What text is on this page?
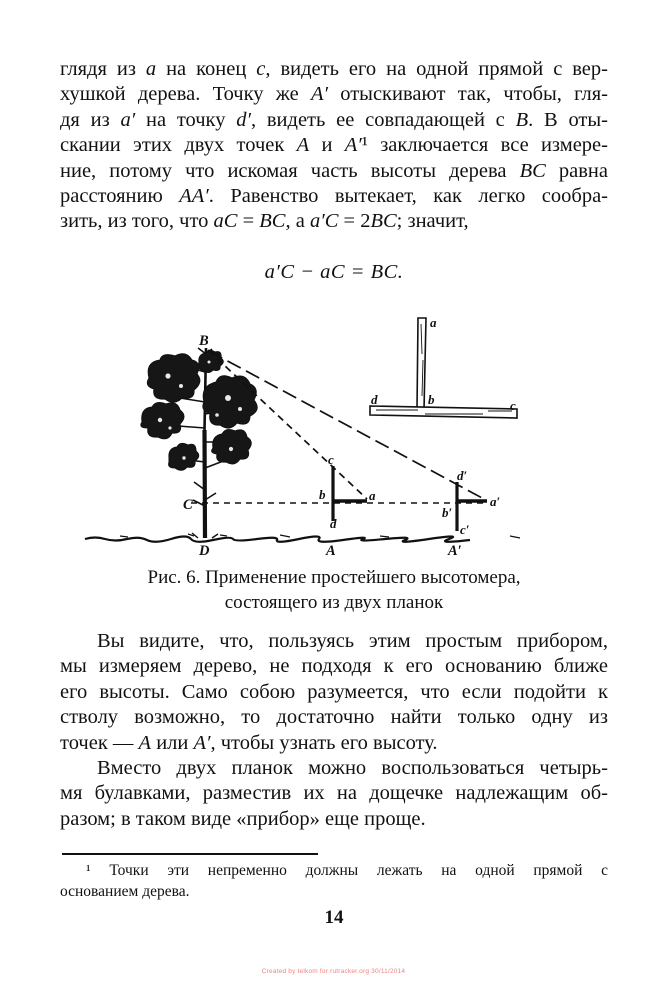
глядя из a на конец c, видеть его на одной прямой с вер-
хушкой дерева. Точку же A′ отыскивают так, чтобы, гля-
дя из a′ на точку d′, видеть ее совпадающей с B. В оты-
скании этих двух точек A и A′¹ заключается все измере-
ние, потому что искомая часть высоты дерева BC равна
расстоянию AA′. Равенство вытекает, как легко сообра-
зить, из того, что aC = BC, а a′C = 2BC; значит,
a′C − aC = BC.
B
C
D
c
b	a
d
A
d′
b′
a′
c′
A′
a
d	b	c
Рис. 6. Применение простейшего высотомера,
состоящего из двух планок
Вы видите, что, пользуясь этим простым прибором,
мы измеряем дерево, не подходя к его основанию ближе
его высоты. Само собою разумеется, что если подойти к
стволу возможно, то достаточно найти только одну из
точек — A или A′, чтобы узнать его высоту.
Вместо двух планок можно воспользоваться четырь-
мя булавками, разместив их на дощечке надлежащим об-
разом; в таком виде «прибор» еще проще.
¹ Точки эти непременно должны лежать на одной прямой с
основанием дерева.
14
Created by telkom for rutracker.org 30/11/2014
